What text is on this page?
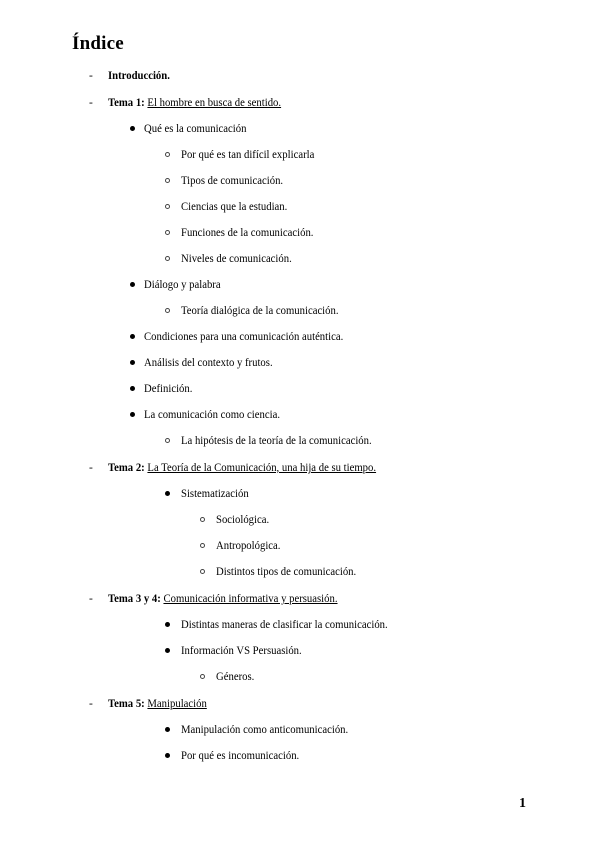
Índice
- Introducción.
- Tema 1: El hombre en busca de sentido.
Qué es la comunicación
Por qué es tan difícil explicarla
Tipos de comunicación.
Ciencias que la estudian.
Funciones de la comunicación.
Niveles de comunicación.
Diálogo y palabra
Teoría dialógica de la comunicación.
Condiciones para una comunicación auténtica.
Análisis del contexto y frutos.
Definición.
La comunicación como ciencia.
La hipótesis de la teoría de la comunicación.
- Tema 2: La Teoría de la Comunicación, una hija de su tiempo.
Sistematización
Sociológica.
Antropológica.
Distintos tipos de comunicación.
- Tema 3 y 4: Comunicación informativa y persuasión.
Distintas maneras de clasificar la comunicación.
Información VS Persuasión.
Géneros.
- Tema 5: Manipulación
Manipulación como anticomunicación.
Por qué es incomunicación.
1
